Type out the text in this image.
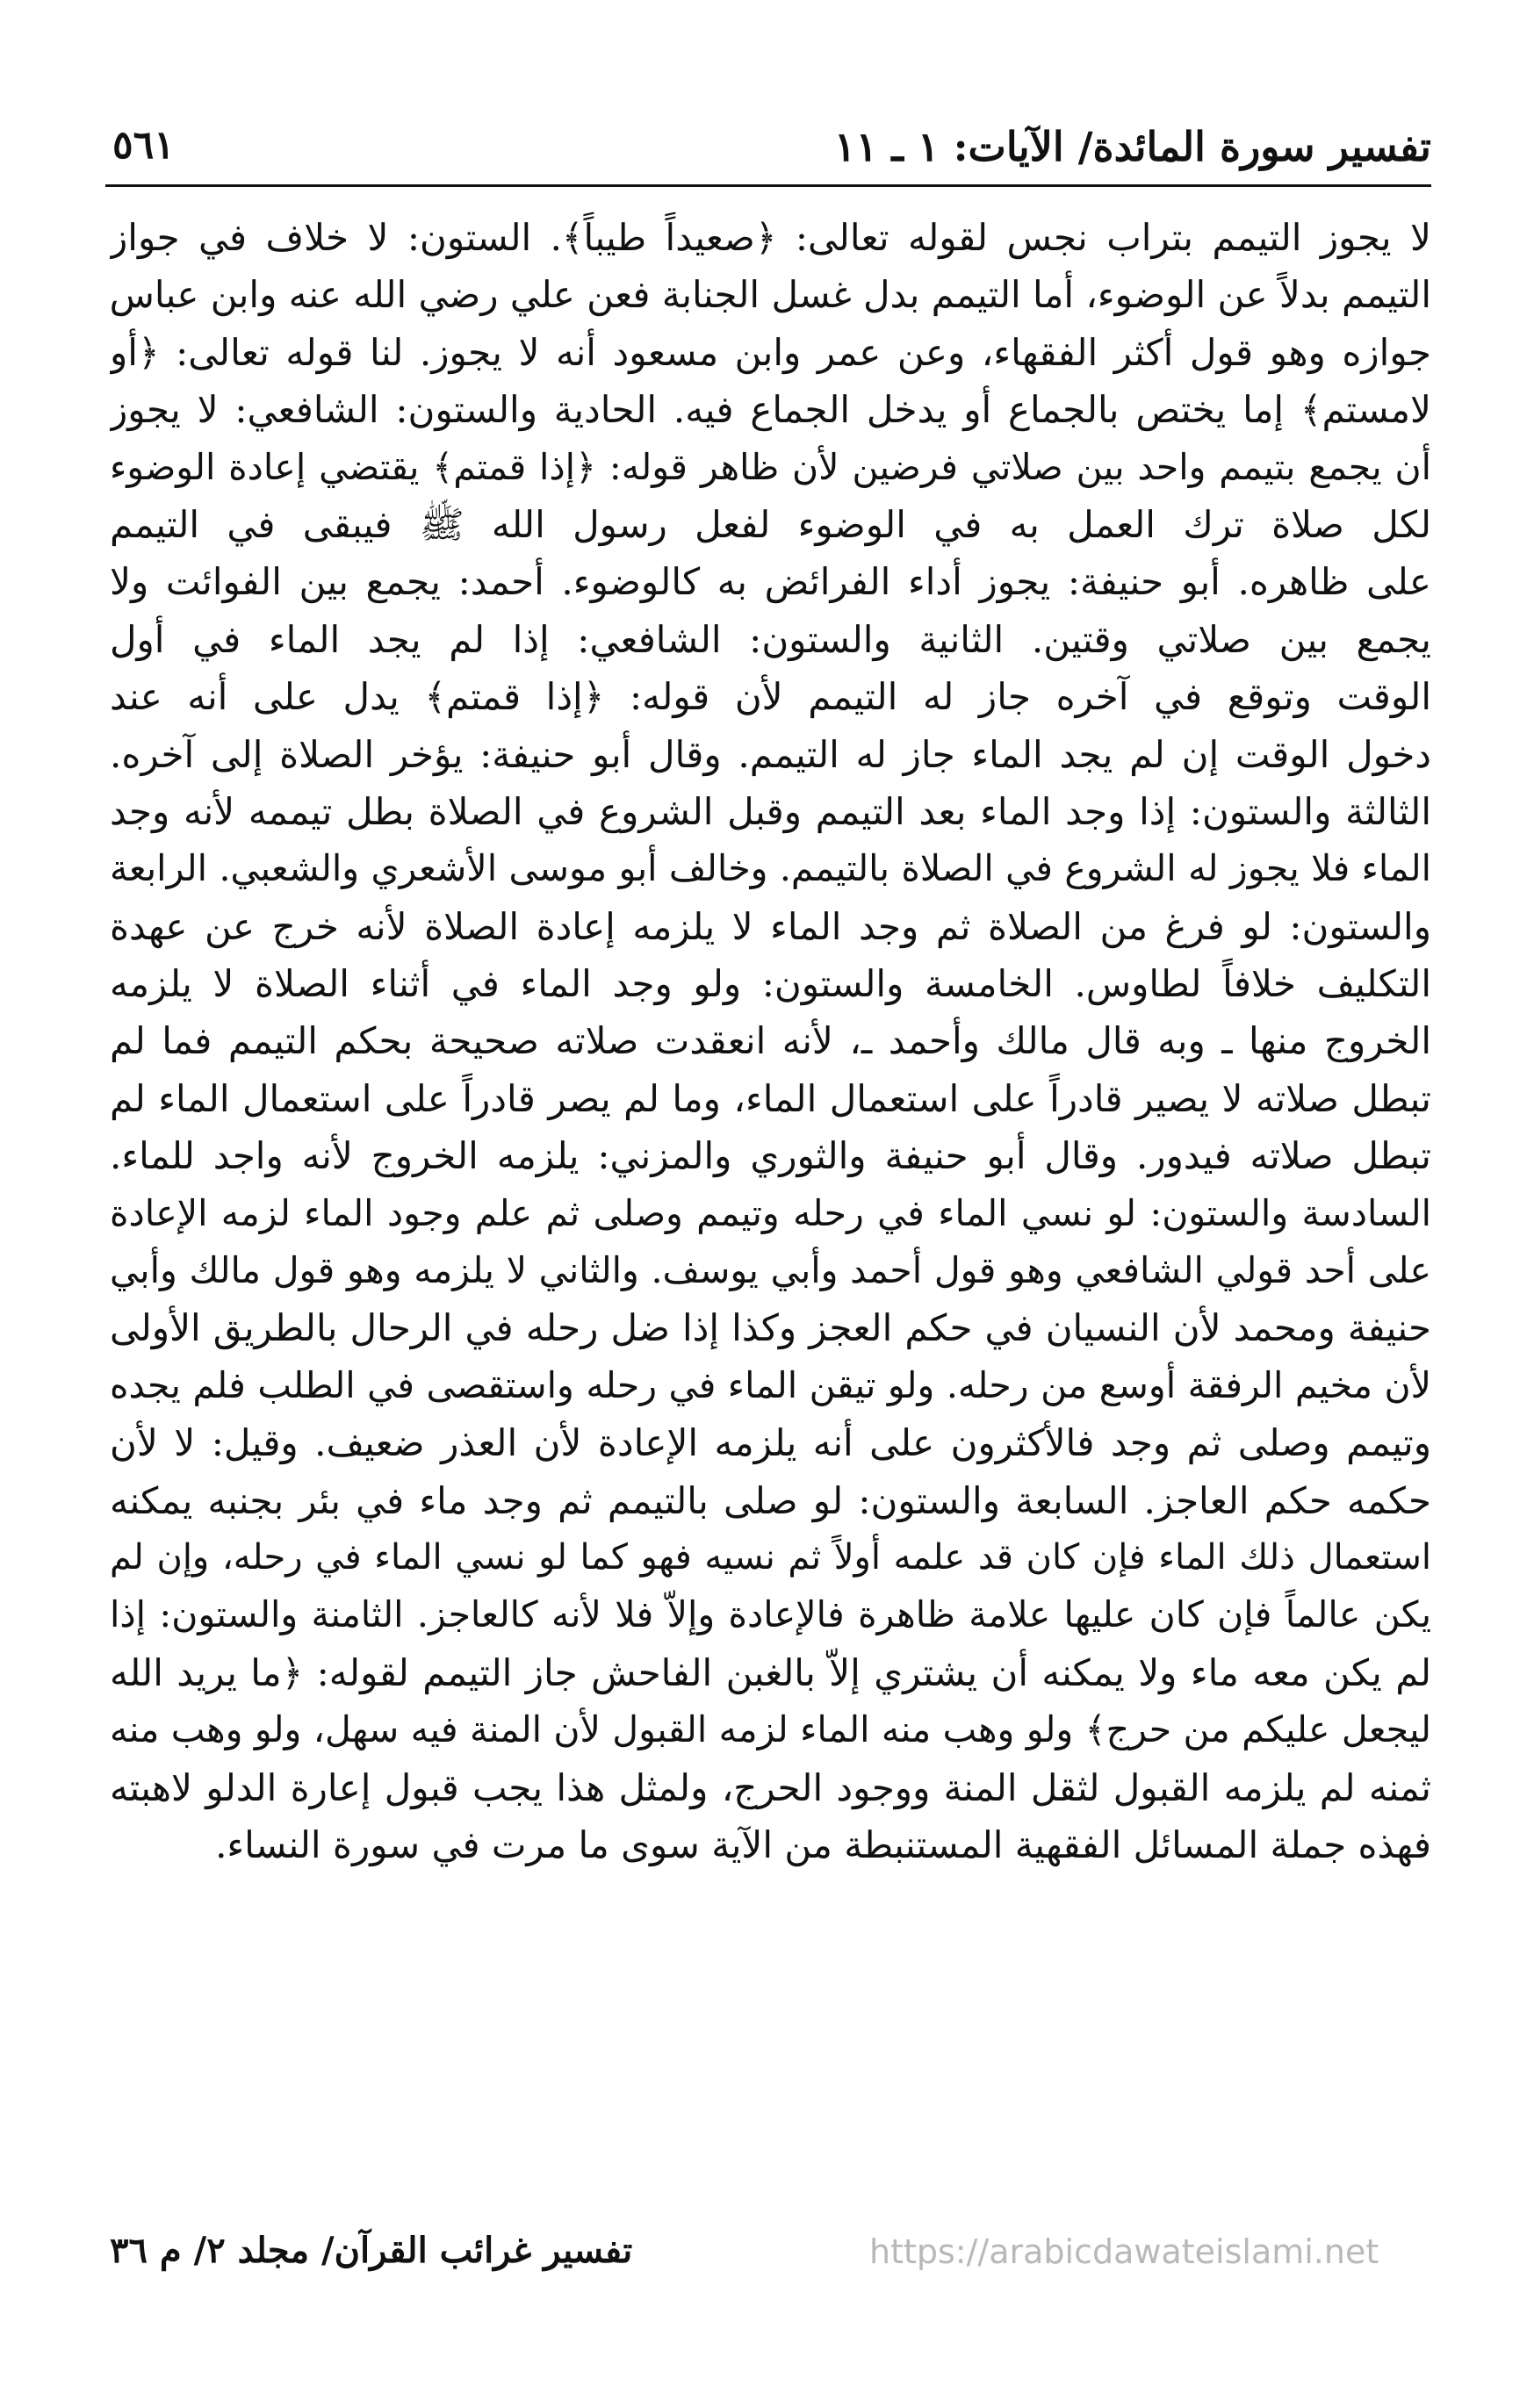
تفسير سورة المائدة/ الآيات: ١ ـ ١١
٥٦١
لا يجوز التيمم بتراب نجس لقوله تعالى: ﴿صعيداً طيباً﴾. الستون: لا خلاف في جواز
التيمم بدلاً عن الوضوء، أما التيمم بدل غسل الجنابة فعن علي رضي الله عنه وابن عباس
جوازه وهو قول أكثر الفقهاء، وعن عمر وابن مسعود أنه لا يجوز. لنا قوله تعالى: ﴿أو
لامستم﴾ إما يختص بالجماع أو يدخل الجماع فيه. الحادية والستون: الشافعي: لا يجوز
أن يجمع بتيمم واحد بين صلاتي فرضين لأن ظاهر قوله: ﴿إذا قمتم﴾ يقتضي إعادة الوضوء
لكل صلاة ترك العمل به في الوضوء لفعل رسول الله ﷺ فيبقى في التيمم
على ظاهره. أبو حنيفة: يجوز أداء الفرائض به كالوضوء. أحمد: يجمع بين الفوائت ولا
يجمع بين صلاتي وقتين. الثانية والستون: الشافعي: إذا لم يجد الماء في أول
الوقت وتوقع في آخره جاز له التيمم لأن قوله: ﴿إذا قمتم﴾ يدل على أنه عند
دخول الوقت إن لم يجد الماء جاز له التيمم. وقال أبو حنيفة: يؤخر الصلاة إلى آخره.
الثالثة والستون: إذا وجد الماء بعد التيمم وقبل الشروع في الصلاة بطل تيممه لأنه وجد
الماء فلا يجوز له الشروع في الصلاة بالتيمم. وخالف أبو موسى الأشعري والشعبي. الرابعة
والستون: لو فرغ من الصلاة ثم وجد الماء لا يلزمه إعادة الصلاة لأنه خرج عن عهدة
التكليف خلافاً لطاوس. الخامسة والستون: ولو وجد الماء في أثناء الصلاة لا يلزمه
الخروج منها ـ وبه قال مالك وأحمد ـ، لأنه انعقدت صلاته صحيحة بحكم التيمم فما لم
تبطل صلاته لا يصير قادراً على استعمال الماء، وما لم يصر قادراً على استعمال الماء لم
تبطل صلاته فيدور. وقال أبو حنيفة والثوري والمزني: يلزمه الخروج لأنه واجد للماء.
السادسة والستون: لو نسي الماء في رحله وتيمم وصلى ثم علم وجود الماء لزمه الإعادة
على أحد قولي الشافعي وهو قول أحمد وأبي يوسف. والثاني لا يلزمه وهو قول مالك وأبي
حنيفة ومحمد لأن النسيان في حكم العجز وكذا إذا ضل رحله في الرحال بالطريق الأولى
لأن مخيم الرفقة أوسع من رحله. ولو تيقن الماء في رحله واستقصى في الطلب فلم يجده
وتيمم وصلى ثم وجد فالأكثرون على أنه يلزمه الإعادة لأن العذر ضعيف. وقيل: لا لأن
حكمه حكم العاجز. السابعة والستون: لو صلى بالتيمم ثم وجد ماء في بئر بجنبه يمكنه
استعمال ذلك الماء فإن كان قد علمه أولاً ثم نسيه فهو كما لو نسي الماء في رحله، وإن لم
يكن عالماً فإن كان عليها علامة ظاهرة فالإعادة وإلاّ فلا لأنه كالعاجز. الثامنة والستون: إذا
لم يكن معه ماء ولا يمكنه أن يشتري إلاّ بالغبن الفاحش جاز التيمم لقوله: ﴿ما يريد الله
ليجعل عليكم من حرج﴾ ولو وهب منه الماء لزمه القبول لأن المنة فيه سهل، ولو وهب منه
ثمنه لم يلزمه القبول لثقل المنة ووجود الحرج، ولمثل هذا يجب قبول إعارة الدلو لاهبته
فهذه جملة المسائل الفقهية المستنبطة من الآية سوى ما مرت في سورة النساء.
تفسير غرائب القرآن/ مجلد ٢/ م ٣٦	https://arabicdawateislami.net
